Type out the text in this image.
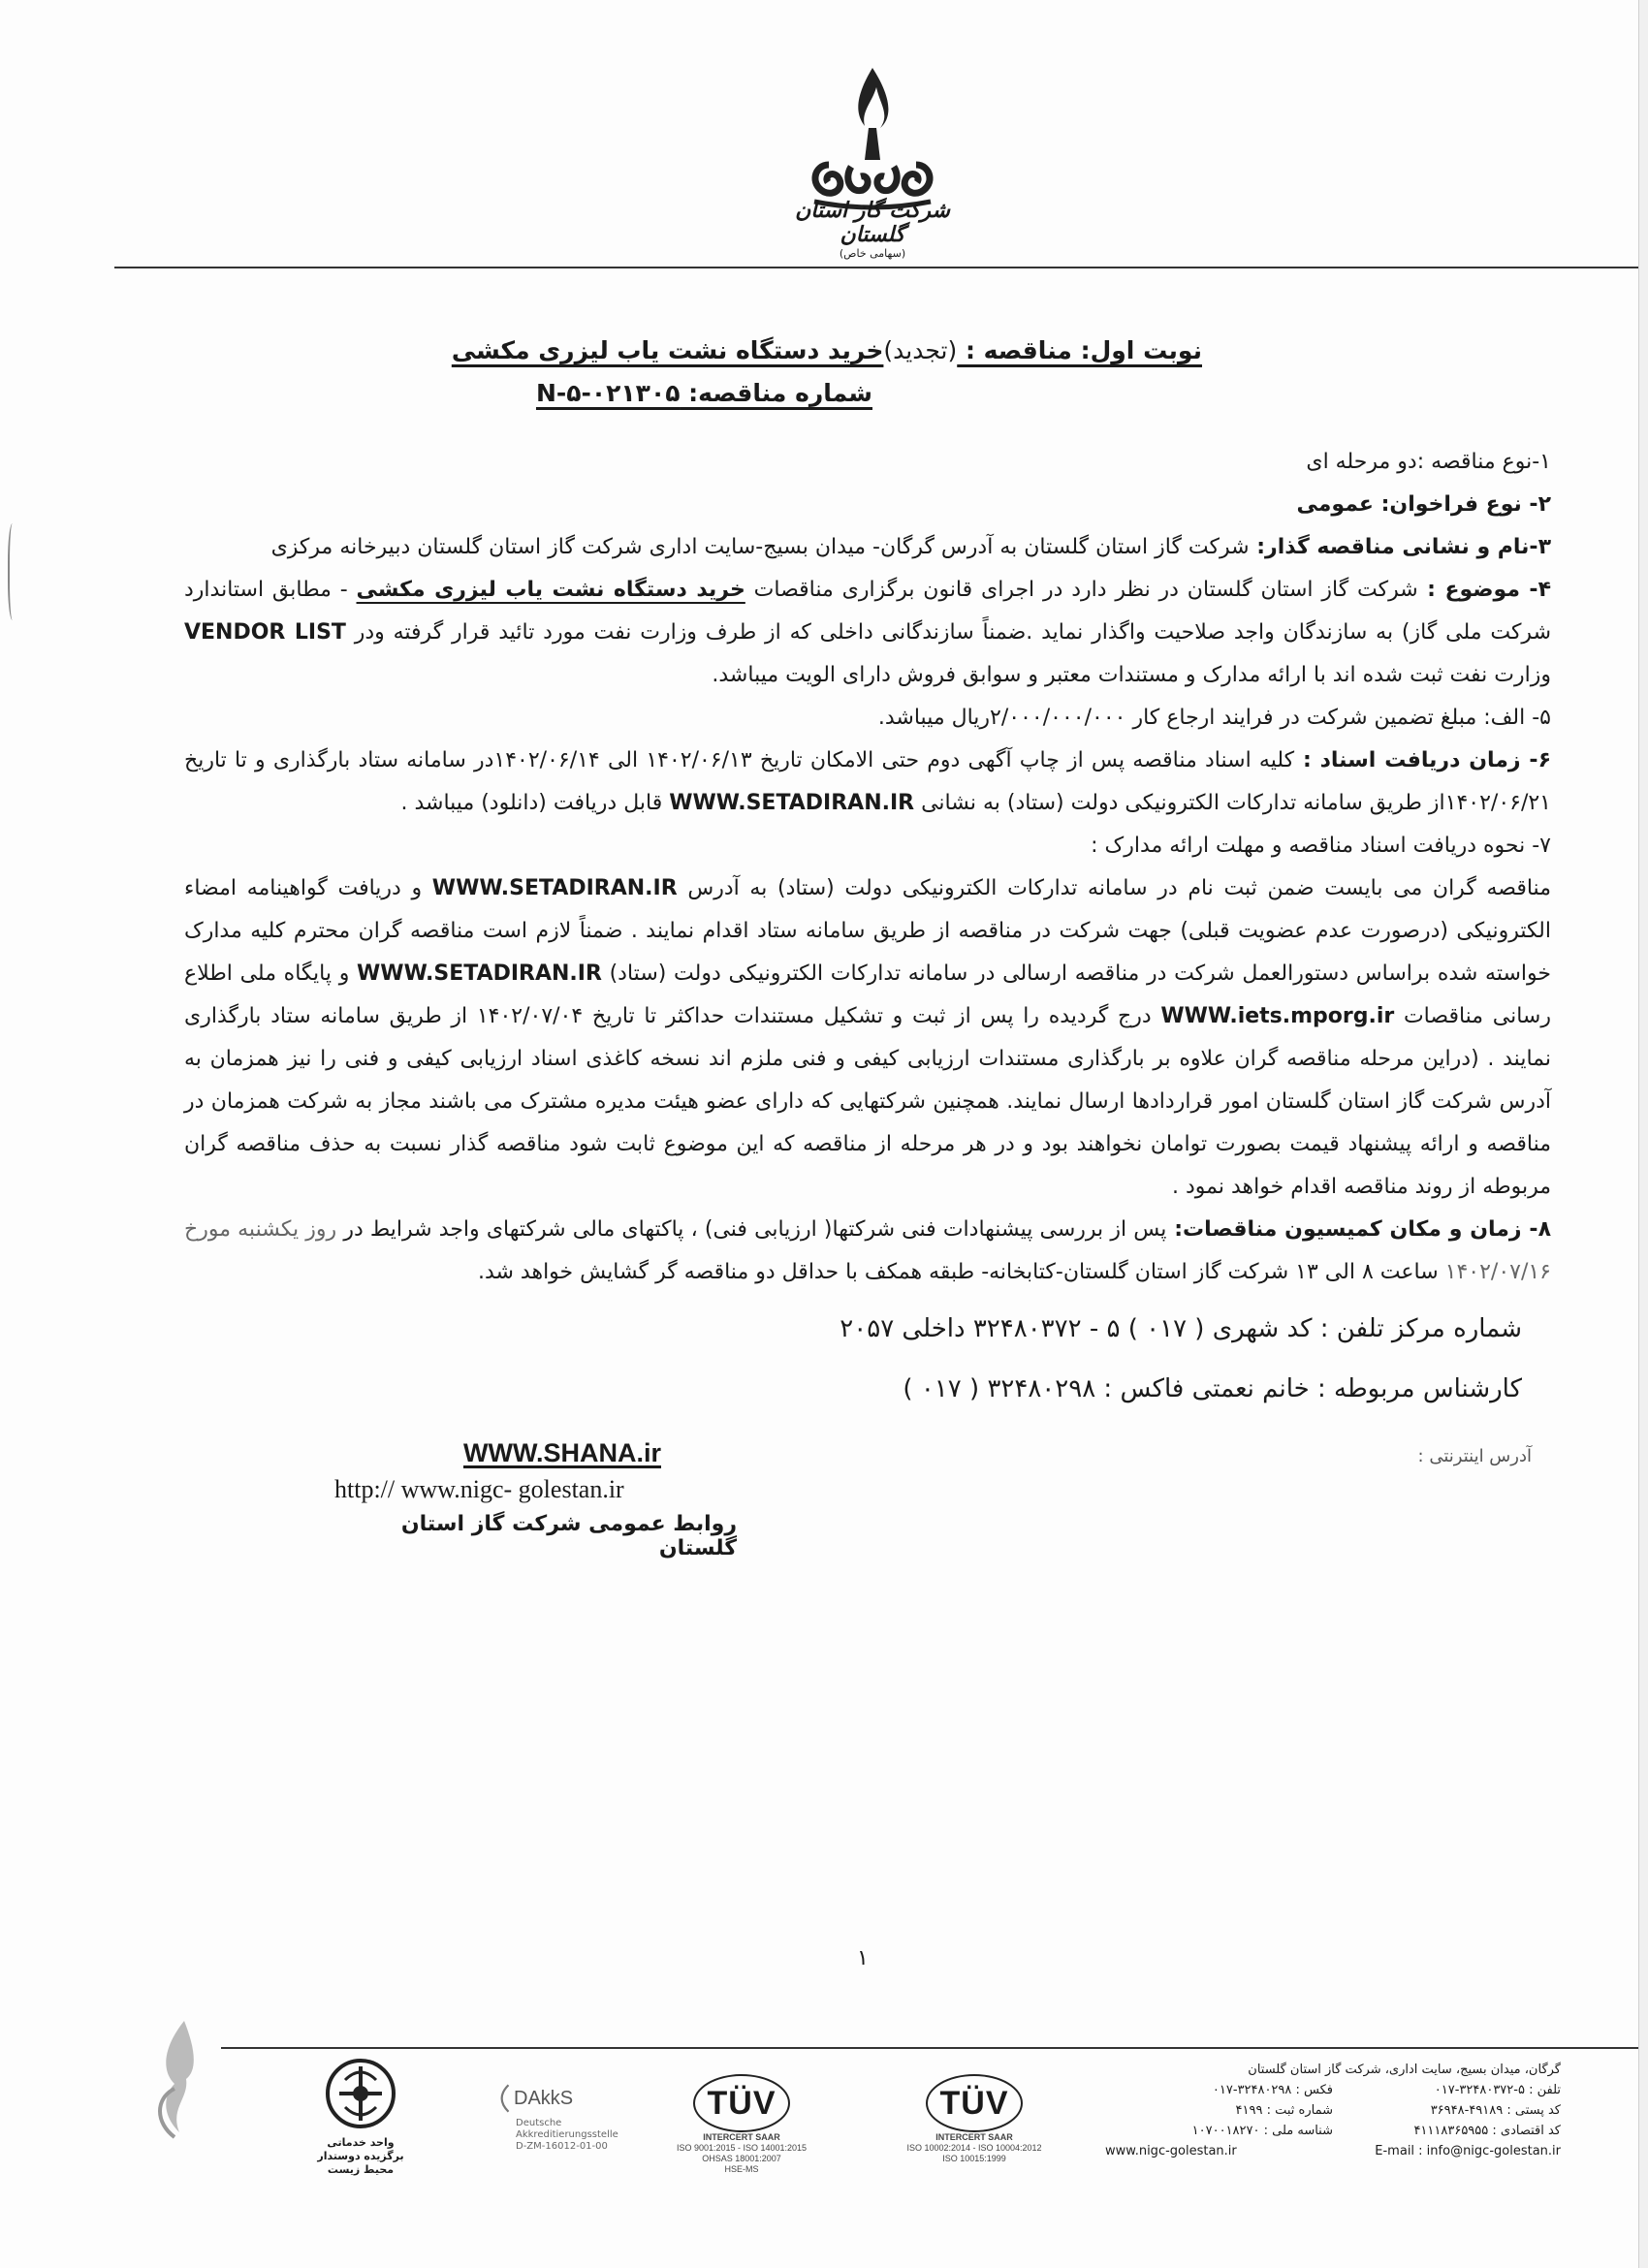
شرکت گاز استان گلستان
(سهامی خاص)
نوبت اول: مناقصه : (تجدید)خرید دستگاه نشت یاب لیزری مکشی
شماره مناقصه: N-۵-۰۲۱۳۰۵

۱-نوع مناقصه :دو مرحله ای

۲- نوع فراخوان: عمومی

۳-نام و نشانی مناقصه گذار: شرکت گاز استان گلستان به آدرس گرگان- میدان بسیج-سایت اداری شرکت گاز استان گلستان دبیرخانه مرکزی

۴- موضوع : شرکت گاز استان گلستان در نظر دارد در اجرای قانون برگزاری مناقصات خرید دستگاه نشت یاب لیزری مکشی - مطابق استاندارد شرکت ملی گاز) به سازندگان واجد صلاحیت واگذار نماید .ضمناً سازندگانی داخلی که از طرف وزارت نفت مورد تائید قرار گرفته ودر VENDOR LIST وزارت نفت ثبت شده اند با ارائه مدارک و مستندات معتبر و سوابق فروش دارای الویت میباشد.

۵- الف: مبلغ تضمین شرکت در فرایند ارجاع کار ۲/۰۰۰/۰۰۰/۰۰۰ریال میباشد.

۶- زمان دریافت اسناد : کلیه اسناد مناقصه پس از چاپ آگهی دوم حتی الامکان تاریخ ۱۴۰۲/۰۶/۱۳ الی ۱۴۰۲/۰۶/۱۴در سامانه ستاد بارگذاری و تا تاریخ ۱۴۰۲/۰۶/۲۱از طریق سامانه تدارکات الکترونیکی دولت (ستاد) به نشانی WWW.SETADIRAN.IR قابل دریافت (دانلود) میباشد .

۷- نحوه دریافت اسناد مناقصه و مهلت ارائه مدارک :

مناقصه گران می بایست ضمن ثبت نام در سامانه تدارکات الکترونیکی دولت (ستاد) به آدرس WWW.SETADIRAN.IR و دریافت گواهینامه امضاء الکترونیکی (درصورت عدم عضویت قبلی) جهت شرکت در مناقصه از طریق سامانه ستاد اقدام نمایند . ضمناً لازم است مناقصه گران محترم کلیه مدارک خواسته شده براساس دستورالعمل شرکت در مناقصه ارسالی در سامانه تدارکات الکترونیکی دولت (ستاد) WWW.SETADIRAN.IR و پایگاه ملی اطلاع رسانی مناقصات WWW.iets.mporg.ir درج گردیده را پس از ثبت و تشکیل مستندات حداکثر تا تاریخ ۱۴۰۲/۰۷/۰۴ از طریق سامانه ستاد بارگذاری نمایند . (دراین مرحله مناقصه گران علاوه بر بارگذاری مستندات ارزیابی کیفی و فنی ملزم اند نسخه کاغذی اسناد ارزیابی کیفی و فنی را نیز همزمان به آدرس شرکت گاز استان گلستان امور قراردادها ارسال نمایند. همچنین شرکتهایی که دارای عضو هیئت مدیره مشترک می باشند مجاز به شرکت همزمان در مناقصه و ارائه پیشنهاد قیمت بصورت توامان نخواهند بود و در هر مرحله از مناقصه که این موضوع ثابت شود مناقصه گذار نسبت به حذف مناقصه گران مربوطه از روند مناقصه اقدام خواهد نمود .

۸- زمان و مکان کمیسیون مناقصات: پس از بررسی پیشنهادات فنی شرکتها( ارزیابی فنی) ، پاکتهای مالی شرکتهای واجد شرایط در روز یکشنبه مورخ ۱۴۰۲/۰۷/۱۶ ساعت ۸ الی ۱۳ شرکت گاز استان گلستان-کتابخانه- طبقه همکف با حداقل دو مناقصه گر گشایش خواهد شد.

شماره مرکز تلفن : کد شهری ( ۰۱۷ ) ۵ - ۳۲۴۸۰۳۷۲ داخلی ۲۰۵۷
کارشناس مربوطه : خانم نعمتی فاکس : ۳۲۴۸۰۲۹۸ ( ۰۱۷ )
آدرس اینترنتی :
WWW.SHANA.ir
http:// www.nigc- golestan.ir
روابط عمومی شرکت گاز استان گلستان
۱
واحد خدماتی برگزیده دوستدار محیط زیست
DAkkS
Deutsche
Akkreditierungsstelle
D-ZM-16012-01-00
TÜV
INTERCERT SAAR
ISO 9001:2015 - ISO 14001:2015
OHSAS 18001:2007
HSE-MS
TÜV
INTERCERT SAAR
ISO 10002:2014 - ISO 10004:2012
ISO 10015:1999
گرگان، میدان بسیج، سایت اداری، شرکت گاز استان گلستان
تلفن : ۵-۳۲۴۸۰۳۷۲-۰۱۷
فکس : ۳۲۴۸۰۲۹۸-۰۱۷
کد پستی : ۴۹۱۸۹-۳۶۹۴۸
شماره ثبت : ۴۱۹۹
کد اقتصادی : ۴۱۱۱۸۳۶۵۹۵۵
شناسه ملی : ۱۰۷۰۰۱۸۲۷۰
www.nigc-golestan.ir	E-mail : info@nigc-golestan.ir
